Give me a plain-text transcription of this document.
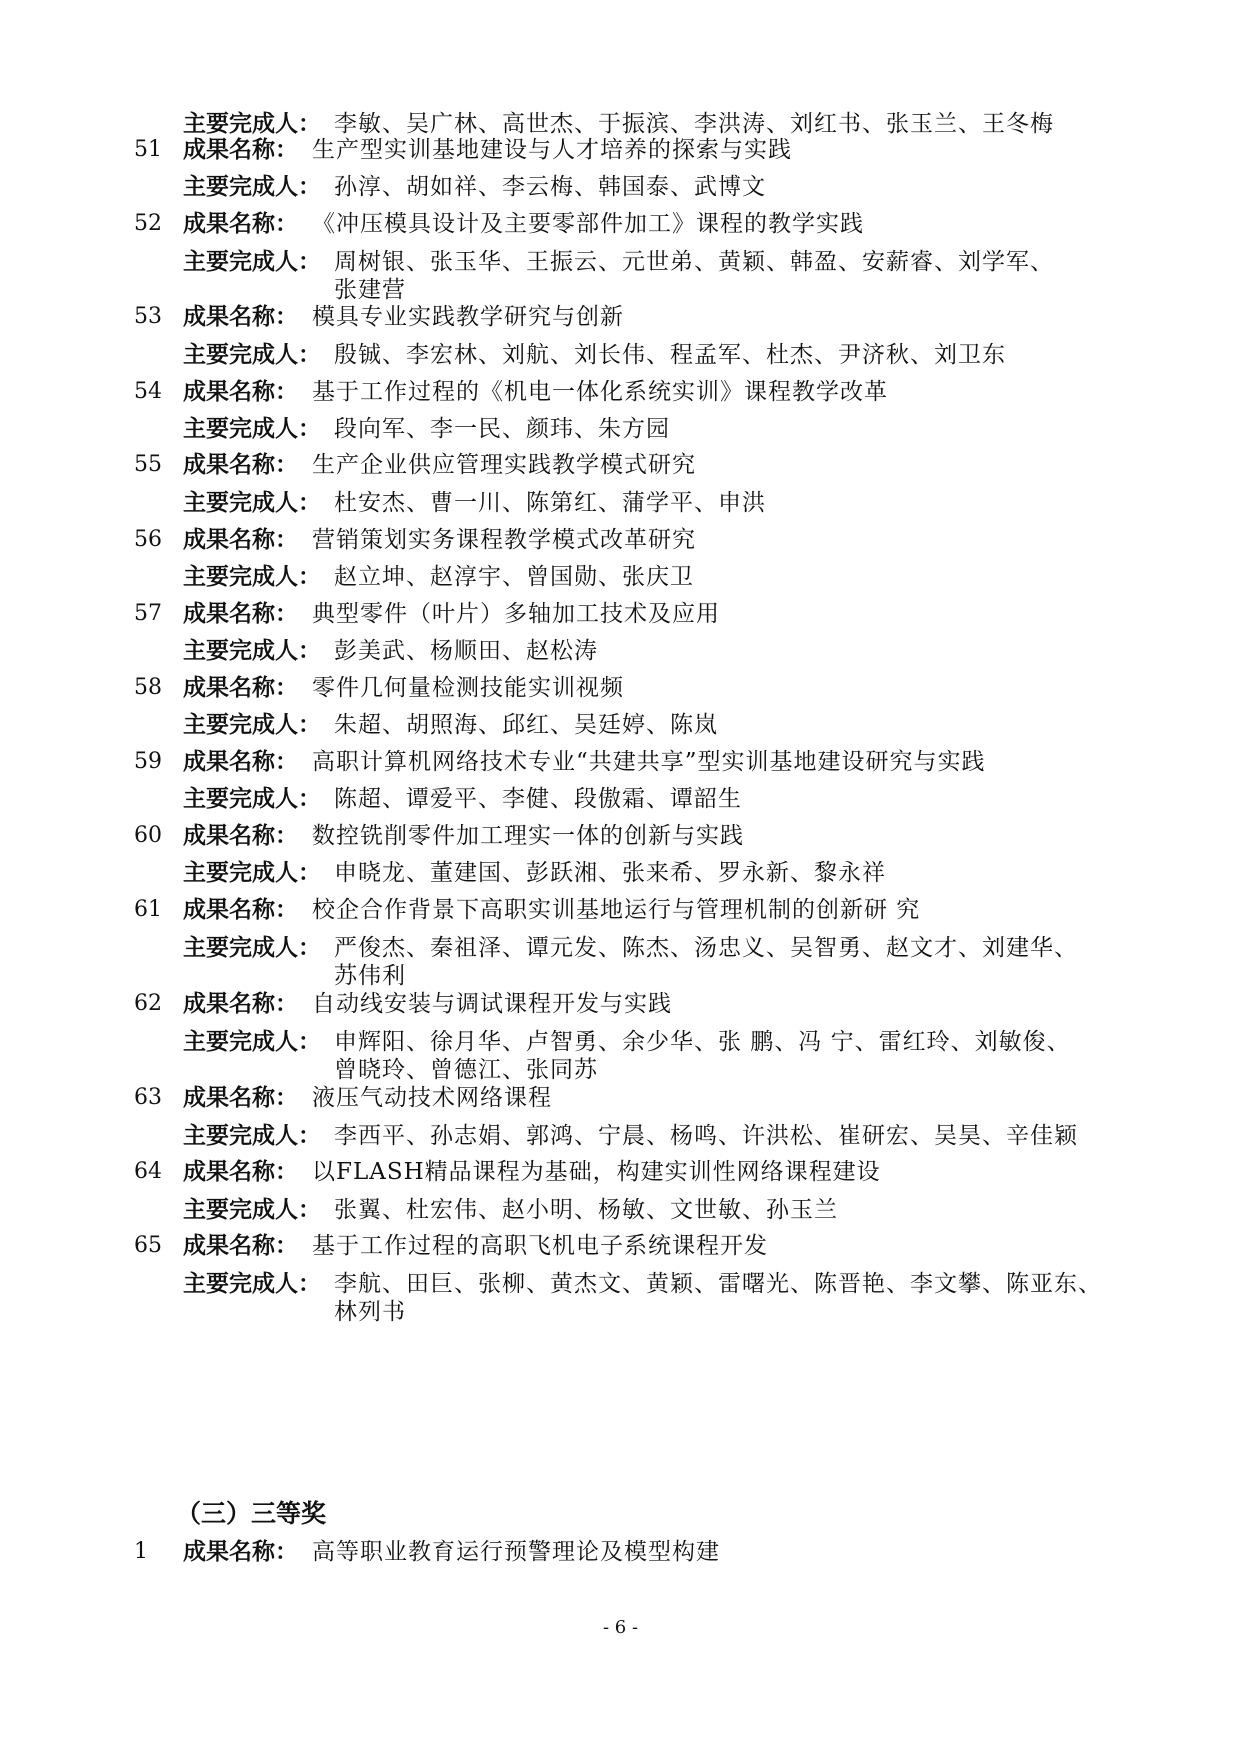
主要完成人： 李敏、吴广林、高世杰、于振滨、李洪涛、刘红书、张玉兰、王冬梅
51 成果名称： 生产型实训基地建设与人才培养的探索与实践
主要完成人： 孙淳、胡如祥、李云梅、韩国泰、武博文
52 成果名称： 《冲压模具设计及主要零部件加工》课程的教学实践
主要完成人： 周树银、张玉华、王振云、元世弟、黄颖、韩盈、安薪睿、刘学军、
张建营
53 成果名称： 模具专业实践教学研究与创新
主要完成人： 殷铖、李宏林、刘航、刘长伟、程孟军、杜杰、尹济秋、刘卫东
54 成果名称： 基于工作过程的《机电一体化系统实训》课程教学改革
主要完成人： 段向军、李一民、颜玮、朱方园
55 成果名称： 生产企业供应管理实践教学模式研究
主要完成人： 杜安杰、曹一川、陈第红、蒲学平、申洪
56 成果名称： 营销策划实务课程教学模式改革研究
主要完成人： 赵立坤、赵淳宇、曾国勋、张庆卫
57 成果名称： 典型零件（叶片）多轴加工技术及应用
主要完成人： 彭美武、杨顺田、赵松涛
58 成果名称： 零件几何量检测技能实训视频
主要完成人： 朱超、胡照海、邱红、吴廷婷、陈岚
59 成果名称： 高职计算机网络技术专业“共建共享”型实训基地建设研究与实践
主要完成人： 陈超、谭爱平、李健、段傲霜、谭韶生
60 成果名称： 数控铣削零件加工理实一体的创新与实践
主要完成人： 申晓龙、董建国、彭跃湘、张来希、罗永新、黎永祥
61 成果名称： 校企合作背景下高职实训基地运行与管理机制的创新研 究
主要完成人： 严俊杰、秦祖泽、谭元发、陈杰、汤忠义、吴智勇、赵文才、刘建华、
苏伟利
62 成果名称： 自动线安装与调试课程开发与实践
主要完成人： 申辉阳、徐月华、卢智勇、余少华、张 鹏、冯 宁、雷红玲、刘敏俊、
曾晓玲、曾德江、张同苏
63 成果名称： 液压气动技术网络课程
主要完成人： 李西平、孙志娟、郭鸿、宁晨、杨鸣、许洪松、崔研宏、吴昊、辛佳颖
64 成果名称： 以FLASH精品课程为基础，构建实训性网络课程建设
主要完成人： 张翼、杜宏伟、赵小明、杨敏、文世敏、孙玉兰
65 成果名称： 基于工作过程的高职飞机电子系统课程开发
主要完成人： 李航、田巨、张柳、黄杰文、黄颖、雷曙光、陈晋艳、李文攀、陈亚东、
林列书
（三）三等奖
1	成果名称： 高等职业教育运行预警理论及模型构建
- 6 -
